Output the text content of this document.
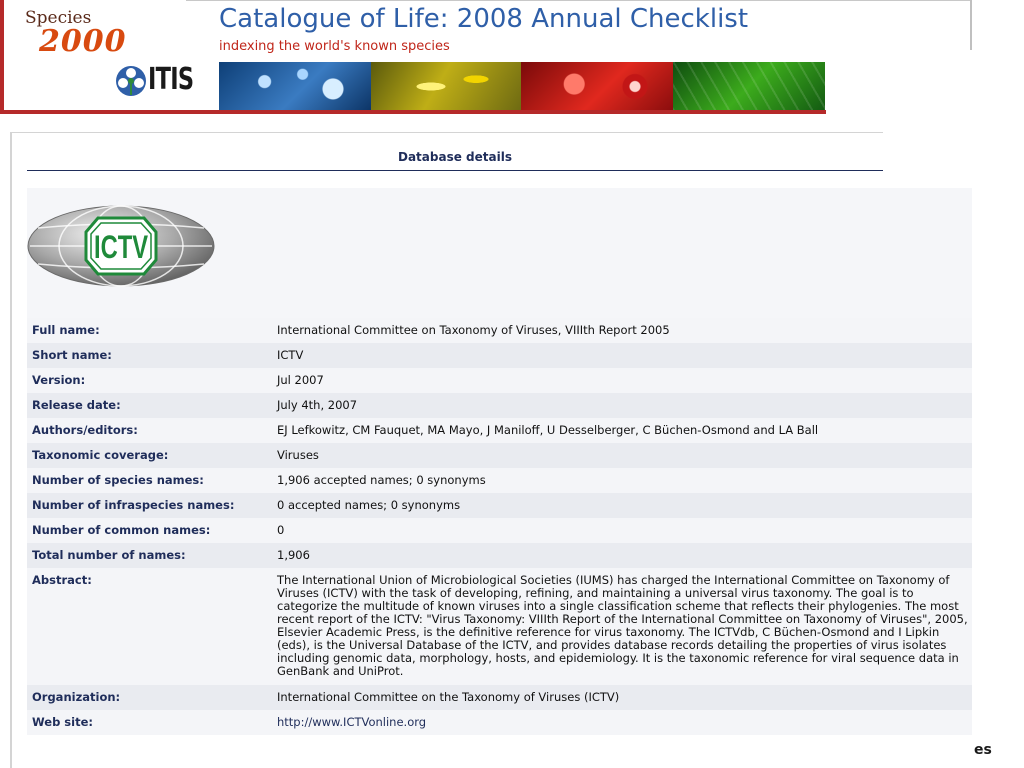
Species
2000
ITIS
Catalogue of Life: 2008 Annual Checklist
indexing the world's known species
Database details
ICTV
Full name:	International Committee on Taxonomy of Viruses, VIIIth Report 2005
Short name:	ICTV
Version:	Jul 2007
Release date:	July 4th, 2007
Authors/editors:	EJ Lefkowitz, CM Fauquet, MA Mayo, J Maniloff, U Desselberger, C Büchen-Osmond and LA Ball
Taxonomic coverage:	Viruses
Number of species names:	1,906 accepted names; 0 synonyms
Number of infraspecies names:	0 accepted names; 0 synonyms
Number of common names:	0
Total number of names:	1,906
Abstract:	The International Union of Microbiological Societies (IUMS) has charged the International Committee on Taxonomy of Viruses (ICTV) with the task of developing, refining, and maintaining a universal virus taxonomy. The goal is to categorize the multitude of known viruses into a single classification scheme that reflects their phylogenies. The most recent report of the ICTV: "Virus Taxonomy: VIIIth Report of the International Committee on Taxonomy of Viruses", 2005, Elsevier Academic Press, is the definitive reference for virus taxonomy. The ICTVdb, C Büchen-Osmond and I Lipkin (eds), is the Universal Database of the ICTV, and provides database records detailing the properties of virus isolates including genomic data, morphology, hosts, and epidemiology. It is the taxonomic reference for viral sequence data in GenBank and UniProt.
Organization:	International Committee on the Taxonomy of Viruses (ICTV)
Web site:	http://www.ICTVonline.org
es
